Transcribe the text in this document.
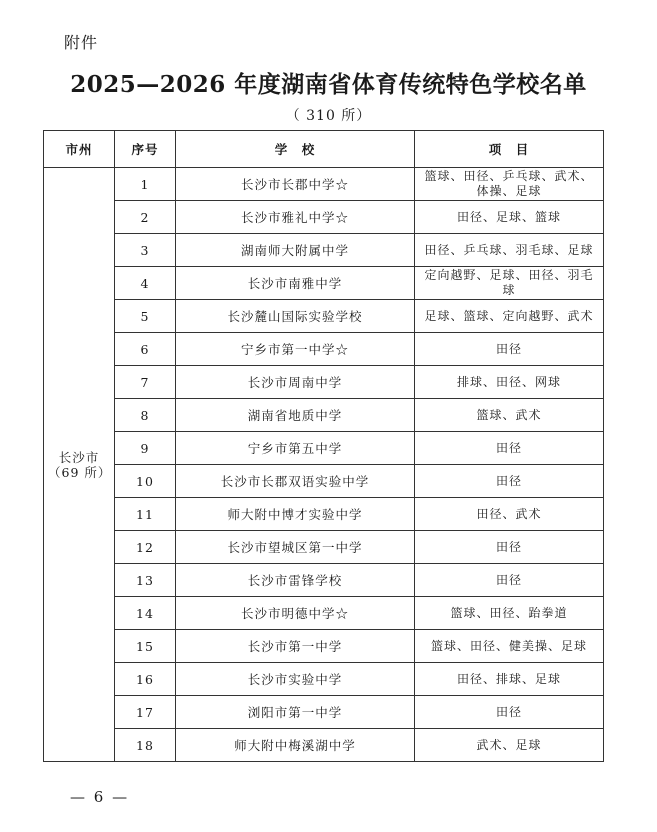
附件
2025—2026 年度湖南省体育传统特色学校名单
（ 310 所）
市州	序号	学　校	项　目

长沙市
（69 所）	1	长沙市长郡中学☆	篮球、田径、乒乓球、武术、体操、足球
	2	长沙市雅礼中学☆	田径、足球、篮球
	3	湖南师大附属中学	田径、乒乓球、羽毛球、足球
	4	长沙市南雅中学	定向越野、足球、田径、羽毛球
	5	长沙麓山国际实验学校	足球、篮球、定向越野、武术
	6	宁乡市第一中学☆	田径
	7	长沙市周南中学	排球、田径、网球
	8	湖南省地质中学	篮球、武术
	9	宁乡市第五中学	田径
	10	长沙市长郡双语实验中学	田径
	11	师大附中博才实验中学	田径、武术
	12	长沙市望城区第一中学	田径
	13	长沙市雷锋学校	田径
	14	长沙市明德中学☆	篮球、田径、跆拳道
	15	长沙市第一中学	篮球、田径、健美操、足球
	16	长沙市实验中学	田径、排球、足球
	17	浏阳市第一中学	田径
	18	师大附中梅溪湖中学	武术、足球
— 6 —
